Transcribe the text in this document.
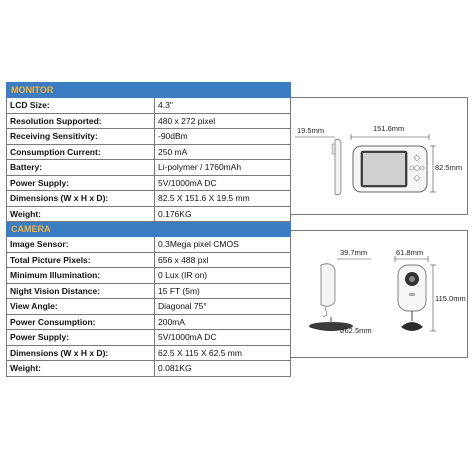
MONITOR	
LCD Size:	4.3"
Resolution Supported:	480 x 272 pixel
Receiving Sensitivity:	-90dBm
Consumption Current:	250 mA
Battery:	Li-polymer / 1760mAh
Power Supply:	5V/1000mA DC
Dimensions (W x H x D):	82.5 X 151.6 X 19.5 mm
Weight:	0.176KG
CAMERA	
Image Sensor:	0.3Mega pixel CMOS
Total Picture Pixels:	656 x 488 pxl
Minimum Illumination:	0 Lux (IR on)
Night Vision Distance:	15 FT (5m)
View Angle:	Diagonal 75°
Power Consumption:	200mA
Power Supply:	5V/1000mA DC
Dimensions (W x H x D):	62.5 X 115 X 62.5 mm
Weight:	0.081KG
19.5mm	151.6mm
82.5mm
39.7mm
⌀62.5mm
61.8mm
115.0mm
